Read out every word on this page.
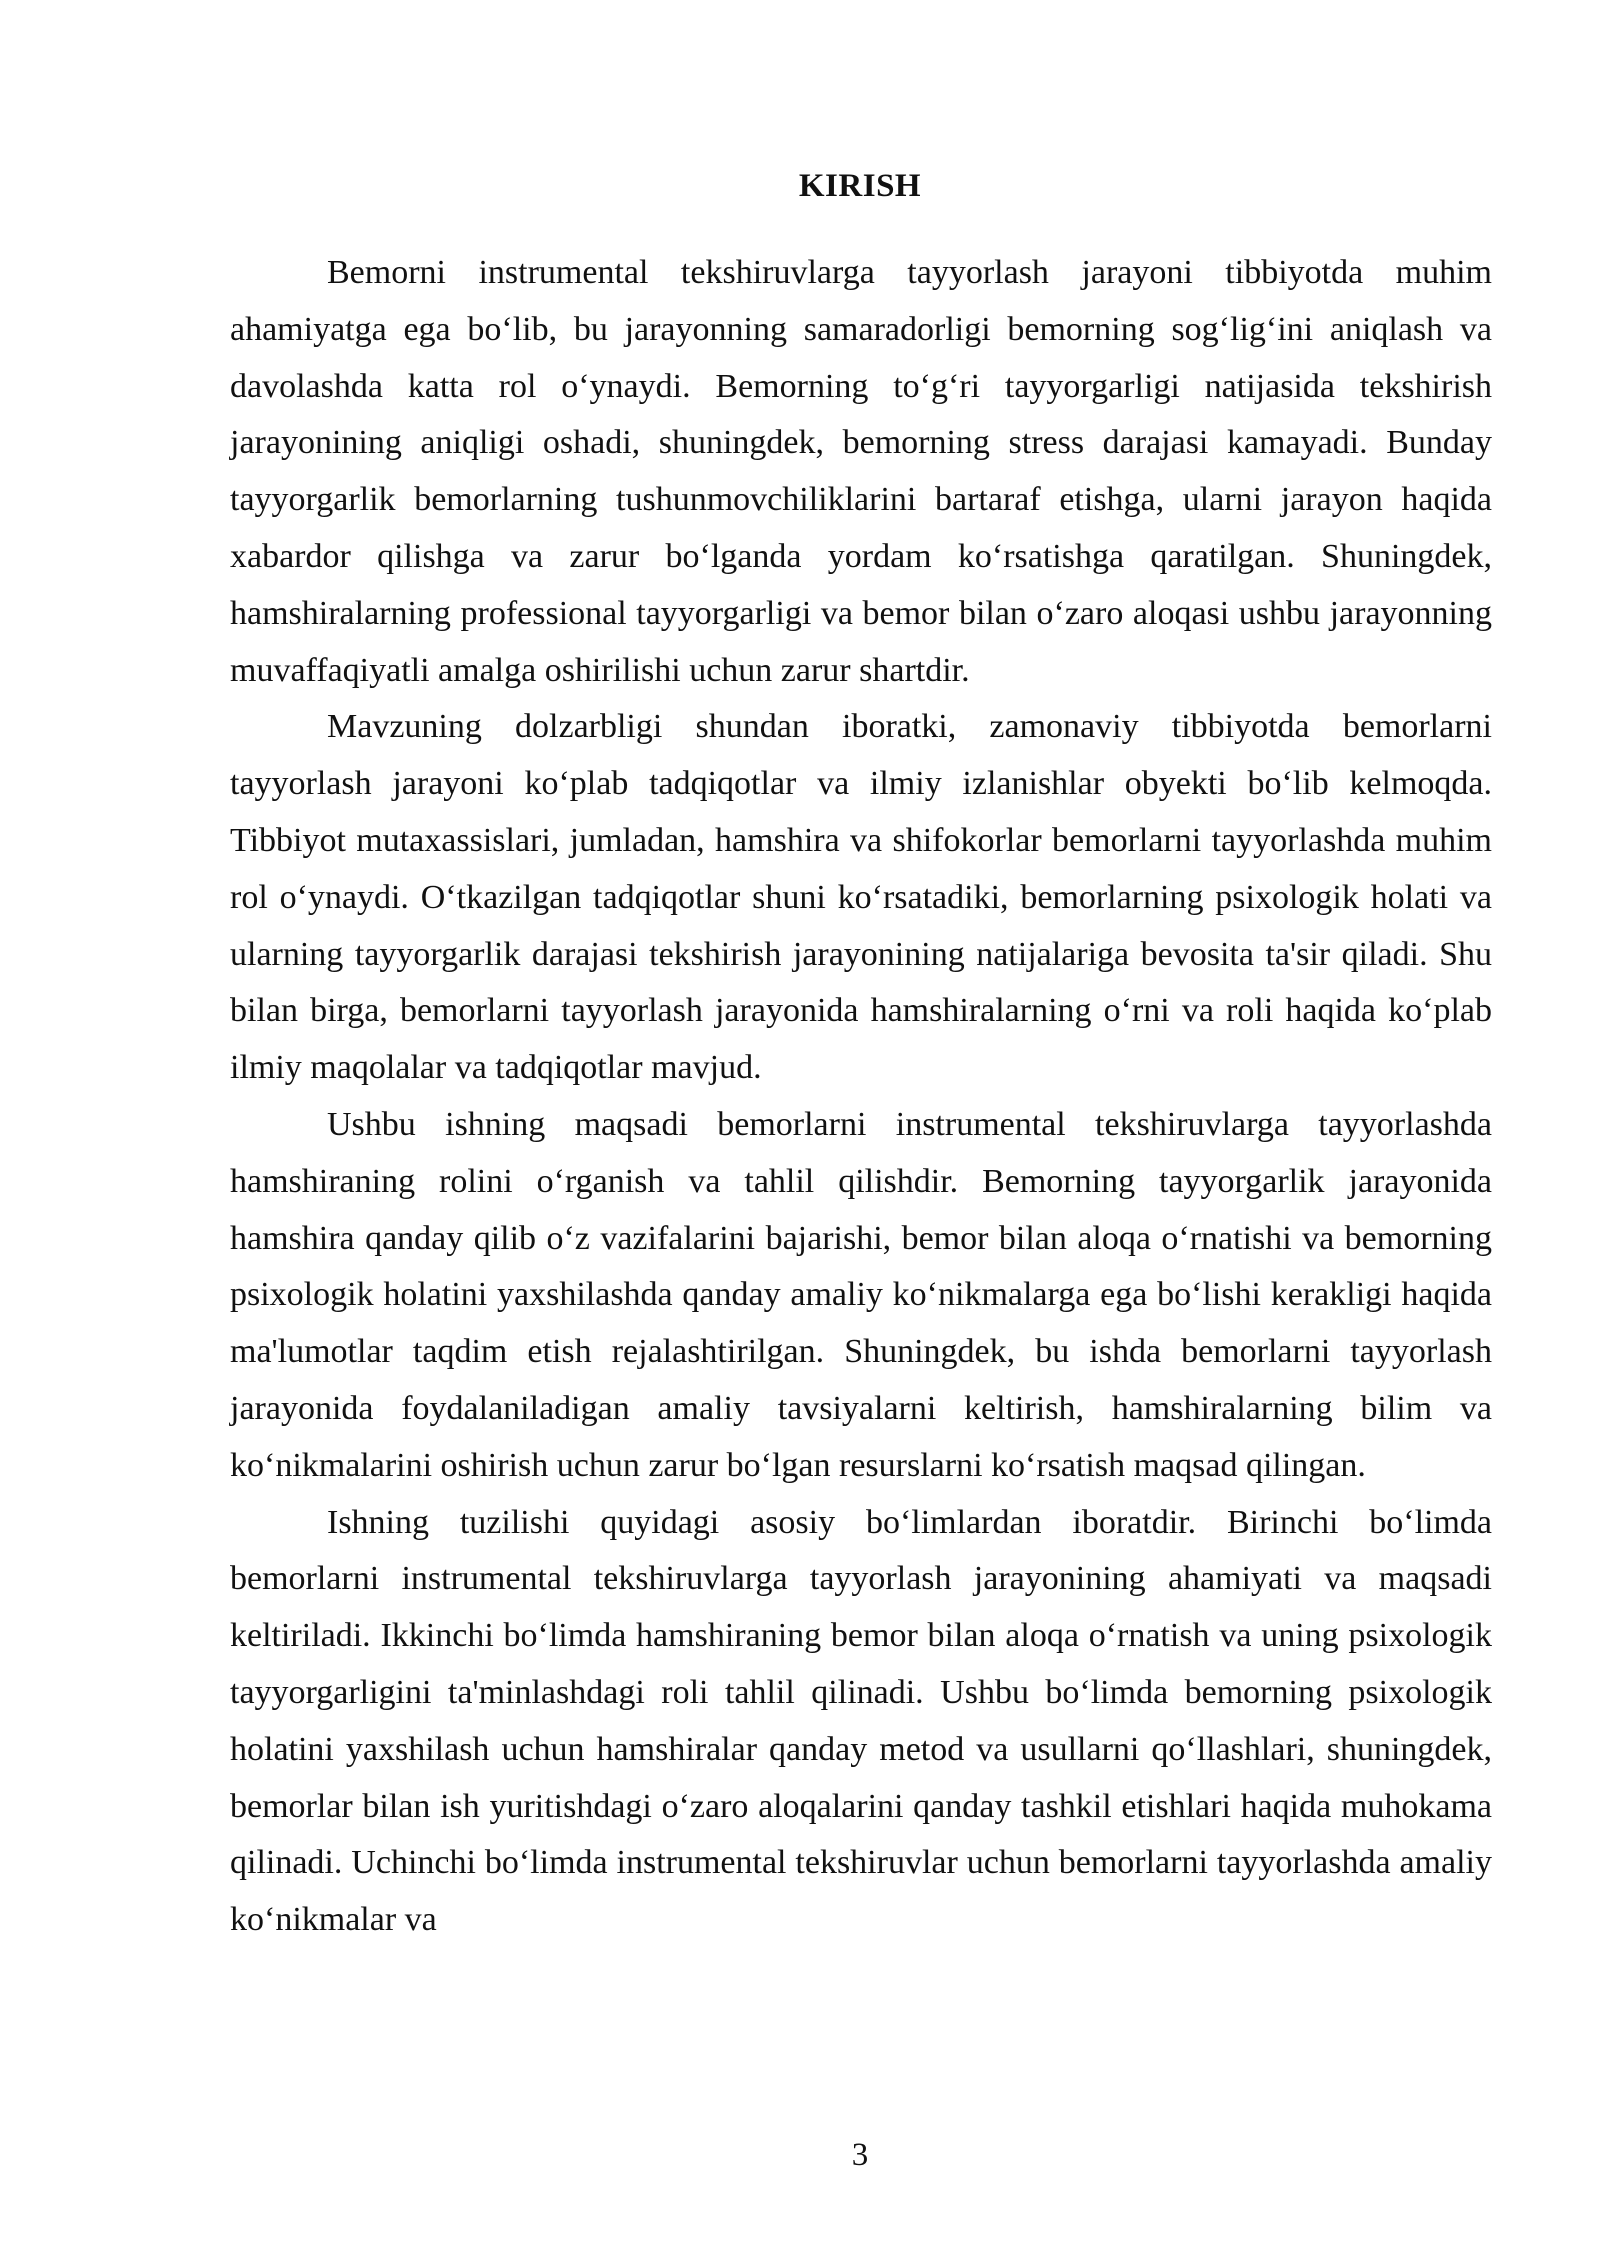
KIRISH

Bemorni instrumental tekshiruvlarga tayyorlash jarayoni tibbiyotda muhim ahamiyatga ega bo‘lib, bu jarayonning samaradorligi bemorning sog‘lig‘ini aniqlash va davolashda katta rol o‘ynaydi. Bemorning to‘g‘ri tayyorgarligi natijasida tekshirish jarayonining aniqligi oshadi, shuningdek, bemorning stress darajasi kamayadi. Bunday tayyorgarlik bemorlarning tushunmovchiliklarini bartaraf etishga, ularni jarayon haqida xabardor qilishga va zarur bo‘lganda yordam ko‘rsatishga qaratilgan. Shuningdek, hamshiralarning professional tayyorgarligi va bemor bilan o‘zaro aloqasi ushbu jarayonning muvaffaqiyatli amalga oshirilishi uchun zarur shartdir.

Mavzuning dolzarbligi shundan iboratki, zamonaviy tibbiyotda bemorlarni tayyorlash jarayoni ko‘plab tadqiqotlar va ilmiy izlanishlar obyekti bo‘lib kelmoqda. Tibbiyot mutaxassislari, jumladan, hamshira va shifokorlar bemorlarni tayyorlashda muhim rol o‘ynaydi. O‘tkazilgan tadqiqotlar shuni ko‘rsatadiki, bemorlarning psixologik holati va ularning tayyorgarlik darajasi tekshirish jarayonining natijalariga bevosita ta'sir qiladi. Shu bilan birga, bemorlarni tayyorlash jarayonida hamshiralarning o‘rni va roli haqida ko‘plab ilmiy maqolalar va tadqiqotlar mavjud.

Ushbu ishning maqsadi bemorlarni instrumental tekshiruvlarga tayyorlashda hamshiraning rolini o‘rganish va tahlil qilishdir. Bemorning tayyorgarlik jarayonida hamshira qanday qilib o‘z vazifalarini bajarishi, bemor bilan aloqa o‘rnatishi va bemorning psixologik holatini yaxshilashda qanday amaliy ko‘nikmalarga ega bo‘lishi kerakligi haqida ma'lumotlar taqdim etish rejalashtirilgan. Shuningdek, bu ishda bemorlarni tayyorlash jarayonida foydalaniladigan amaliy tavsiyalarni keltirish, hamshiralarning bilim va ko‘nikmalarini oshirish uchun zarur bo‘lgan resurslarni ko‘rsatish maqsad qilingan.

Ishning tuzilishi quyidagi asosiy bo‘limlardan iboratdir. Birinchi bo‘limda bemorlarni instrumental tekshiruvlarga tayyorlash jarayonining ahamiyati va maqsadi keltiriladi. Ikkinchi bo‘limda hamshiraning bemor bilan aloqa o‘rnatish va uning psixologik tayyorgarligini ta'minlashdagi roli tahlil qilinadi. Ushbu bo‘limda bemorning psixologik holatini yaxshilash uchun hamshiralar qanday metod va usullarni qo‘llashlari, shuningdek, bemorlar bilan ish yuritishdagi o‘zaro aloqalarini qanday tashkil etishlari haqida muhokama qilinadi. Uchinchi bo‘limda instrumental tekshiruvlar uchun bemorlarni tayyorlashda amaliy ko‘nikmalar va

3
